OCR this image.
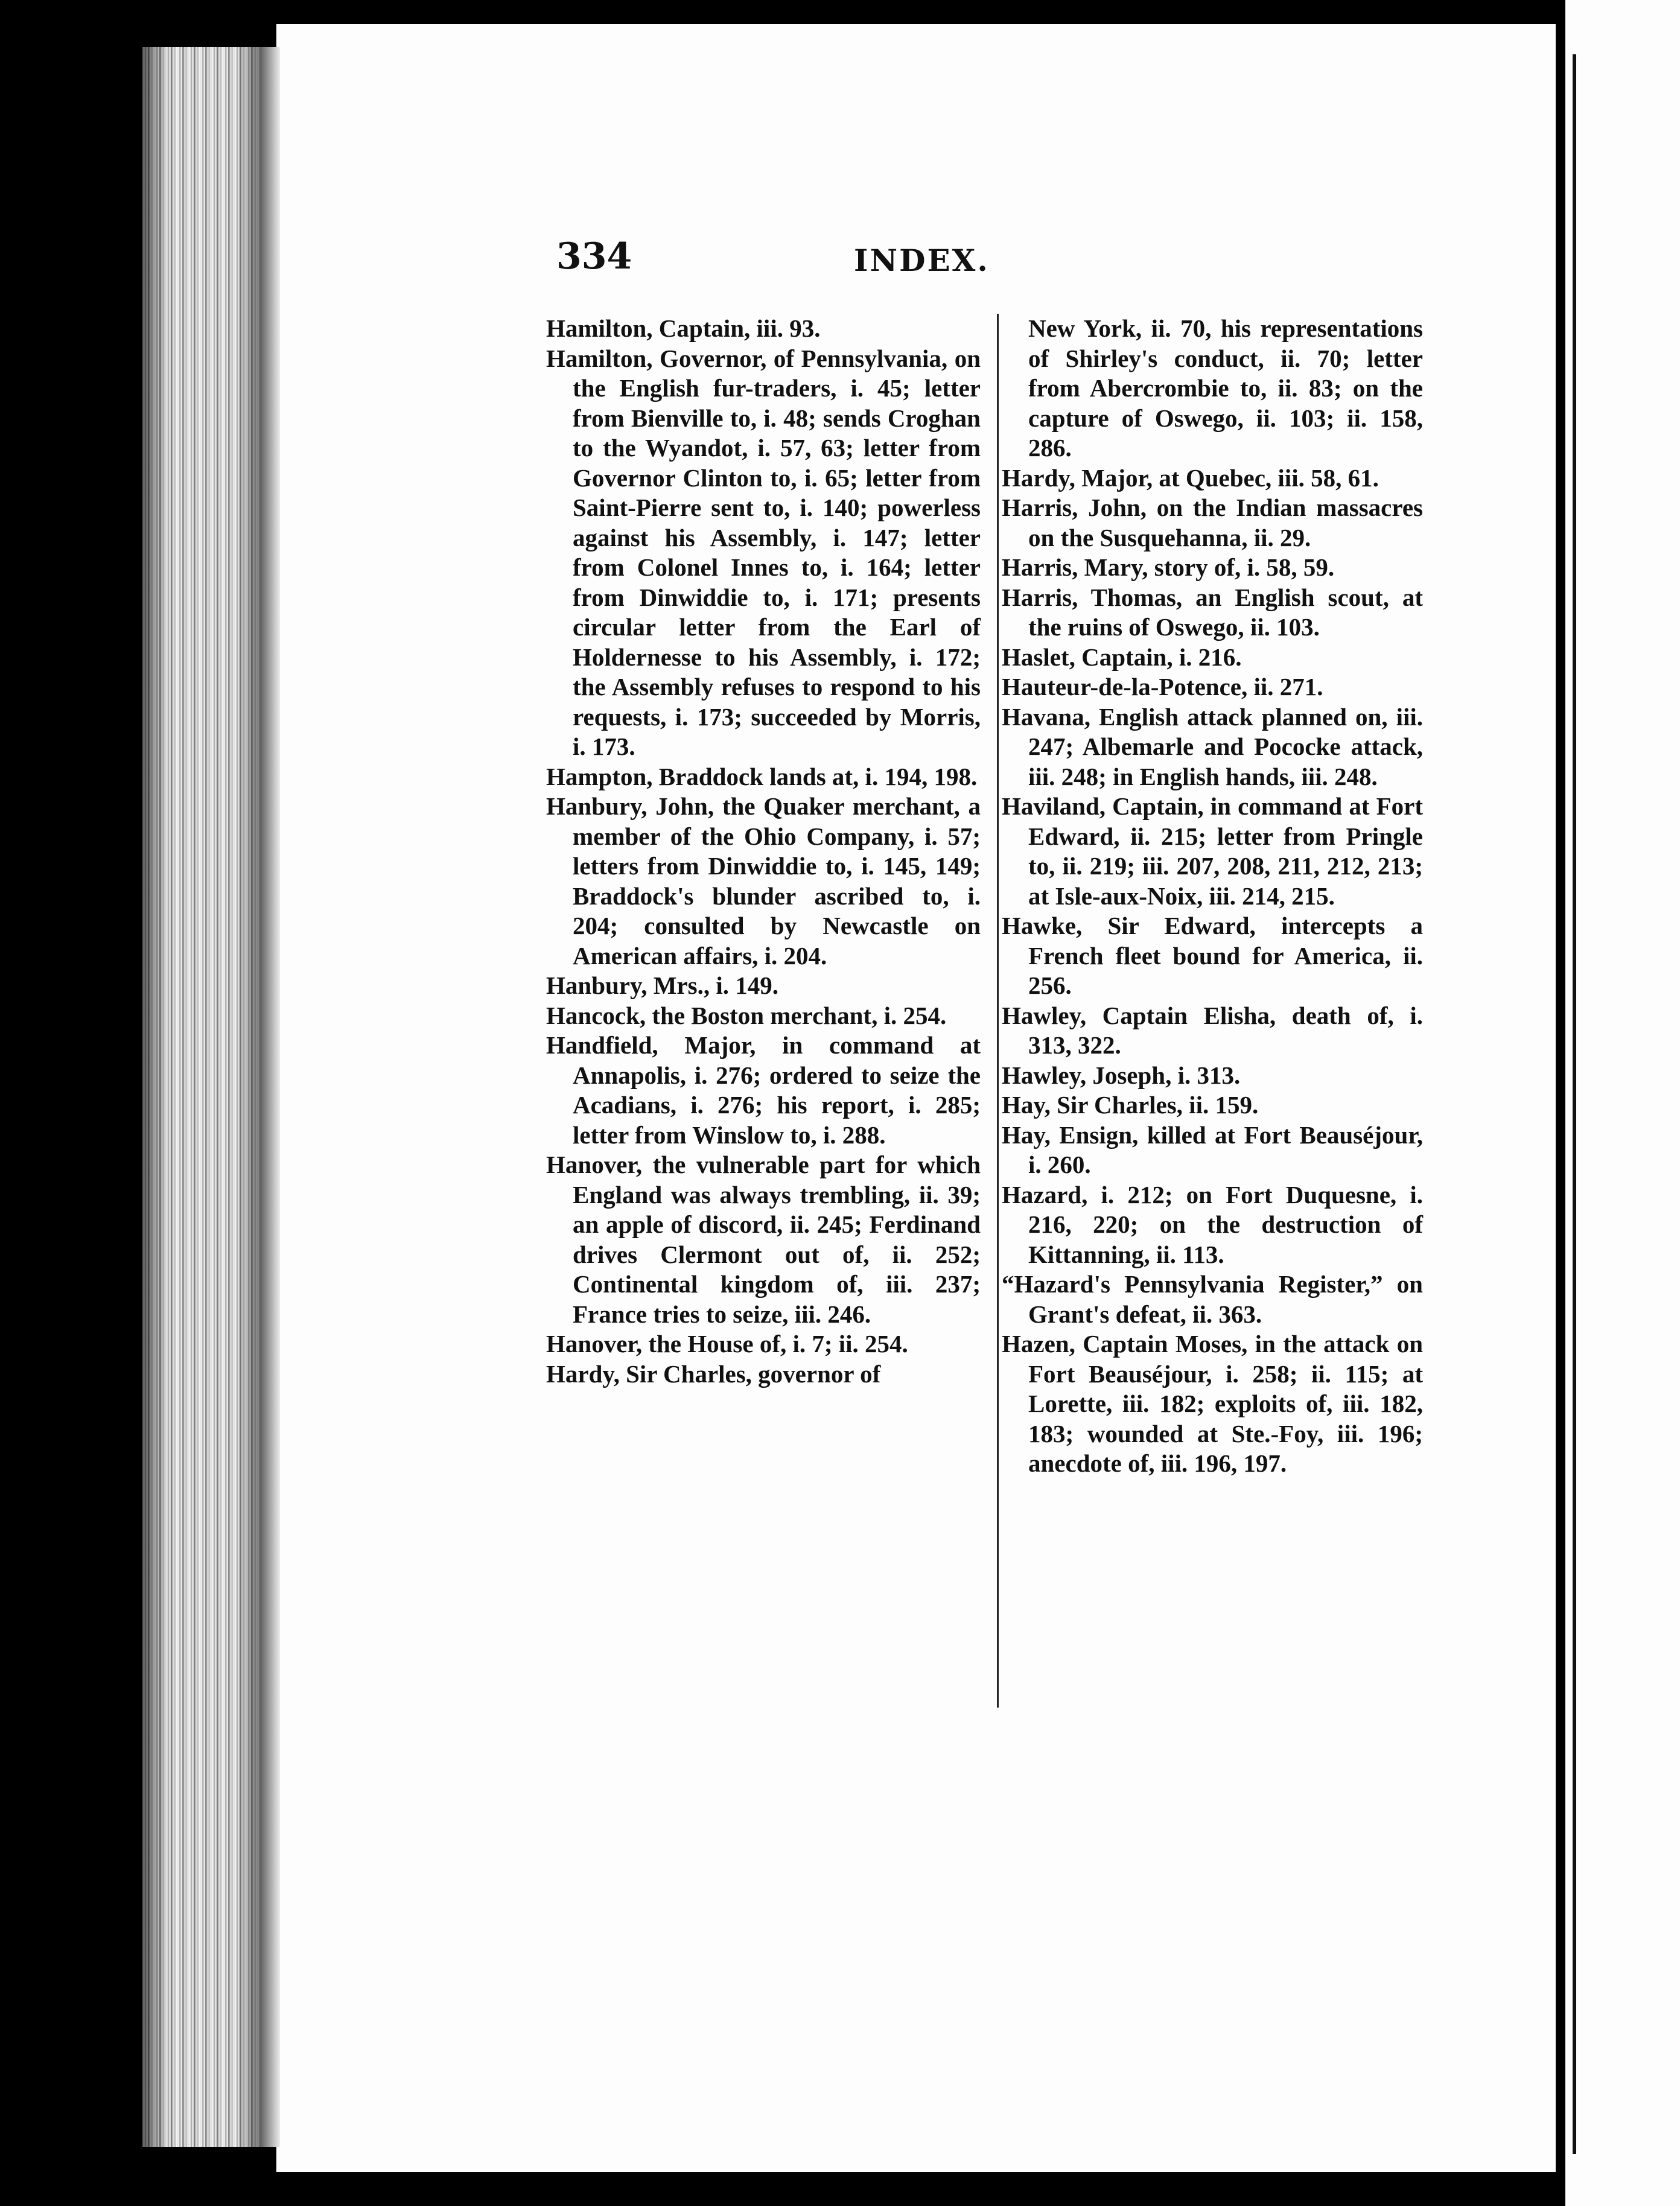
334	INDEX.

Hamilton, Captain, iii. 93.

Hamilton, Governor, of Pennsylvania, on the English fur-traders, i. 45; letter from Bienville to, i. 48; sends Croghan to the Wyandot, i. 57, 63; letter from Governor Clinton to, i. 65; letter from Saint-Pierre sent to, i. 140; powerless against his Assembly, i. 147; letter from Colonel Innes to, i. 164; letter from Dinwiddie to, i. 171; presents circular letter from the Earl of Holdernesse to his Assembly, i. 172; the Assembly refuses to respond to his requests, i. 173; succeeded by Morris, i. 173.

Hampton, Braddock lands at, i. 194, 198.

Hanbury, John, the Quaker merchant, a member of the Ohio Company, i. 57; letters from Dinwiddie to, i. 145, 149; Braddock's blunder ascribed to, i. 204; consulted by Newcastle on American affairs, i. 204.

Hanbury, Mrs., i. 149.

Hancock, the Boston merchant, i. 254.

Handfield, Major, in command at Annapolis, i. 276; ordered to seize the Acadians, i. 276; his report, i. 285; letter from Winslow to, i. 288.

Hanover, the vulnerable part for which England was always trembling, ii. 39; an apple of discord, ii. 245; Ferdinand drives Clermont out of, ii. 252; Continental kingdom of, iii. 237; France tries to seize, iii. 246.

Hanover, the House of, i. 7; ii. 254.

Hardy, Sir Charles, governor of

New York, ii. 70, his representations of Shirley's conduct, ii. 70; letter from Abercrombie to, ii. 83; on the capture of Oswego, ii. 103; ii. 158, 286.

Hardy, Major, at Quebec, iii. 58, 61.

Harris, John, on the Indian massacres on the Susquehanna, ii. 29.

Harris, Mary, story of, i. 58, 59.

Harris, Thomas, an English scout, at the ruins of Oswego, ii. 103.

Haslet, Captain, i. 216.

Hauteur-de-la-Potence, ii. 271.

Havana, English attack planned on, iii. 247; Albemarle and Pococke attack, iii. 248; in English hands, iii. 248.

Haviland, Captain, in command at Fort Edward, ii. 215; letter from Pringle to, ii. 219; iii. 207, 208, 211, 212, 213; at Isle-aux-Noix, iii. 214, 215.

Hawke, Sir Edward, intercepts a French fleet bound for America, ii. 256.

Hawley, Captain Elisha, death of, i. 313, 322.

Hawley, Joseph, i. 313.

Hay, Sir Charles, ii. 159.

Hay, Ensign, killed at Fort Beauséjour, i. 260.

Hazard, i. 212; on Fort Duquesne, i. 216, 220; on the destruction of Kittanning, ii. 113.

“Hazard's Pennsylvania Register,” on Grant's defeat, ii. 363.

Hazen, Captain Moses, in the attack on Fort Beauséjour, i. 258; ii. 115; at Lorette, iii. 182; exploits of, iii. 182, 183; wounded at Ste.-Foy, iii. 196; anecdote of, iii. 196, 197.
